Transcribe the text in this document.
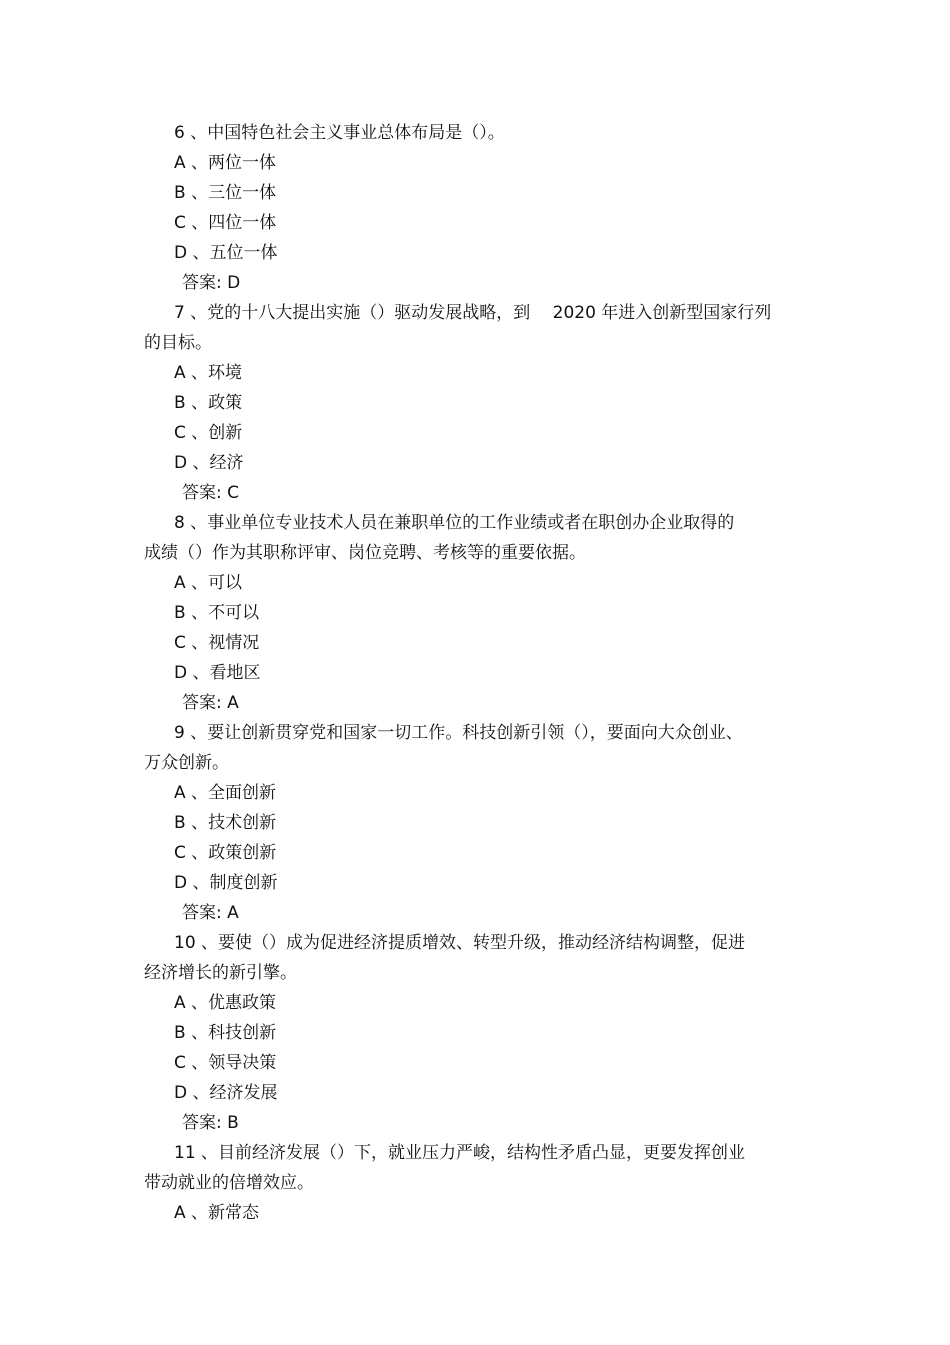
6 、中国特色社会主义事业总体布局是（）。
A 、两位一体
B 、三位一体
C 、四位一体
D 、五位一体
答案: D
7 、党的十八大提出实施（）驱动发展战略，到　 2020 年进入创新型国家行列
的目标。
A 、环境
B 、政策
C 、创新
D 、经济
答案: C
8 、事业单位专业技术人员在兼职单位的工作业绩或者在职创办企业取得的
成绩（）作为其职称评审、岗位竞聘、考核等的重要依据。
A 、可以
B 、不可以
C 、视情况
D 、看地区
答案: A
9 、要让创新贯穿党和国家一切工作。科技创新引领（），要面向大众创业、
万众创新。
A 、全面创新
B 、技术创新
C 、政策创新
D 、制度创新
答案: A
10 、要使（）成为促进经济提质增效、转型升级，推动经济结构调整，促进
经济增长的新引擎。
A 、优惠政策
B 、科技创新
C 、领导决策
D 、经济发展
答案: B
11 、目前经济发展（）下，就业压力严峻，结构性矛盾凸显，更要发挥创业
带动就业的倍增效应。
A 、新常态
